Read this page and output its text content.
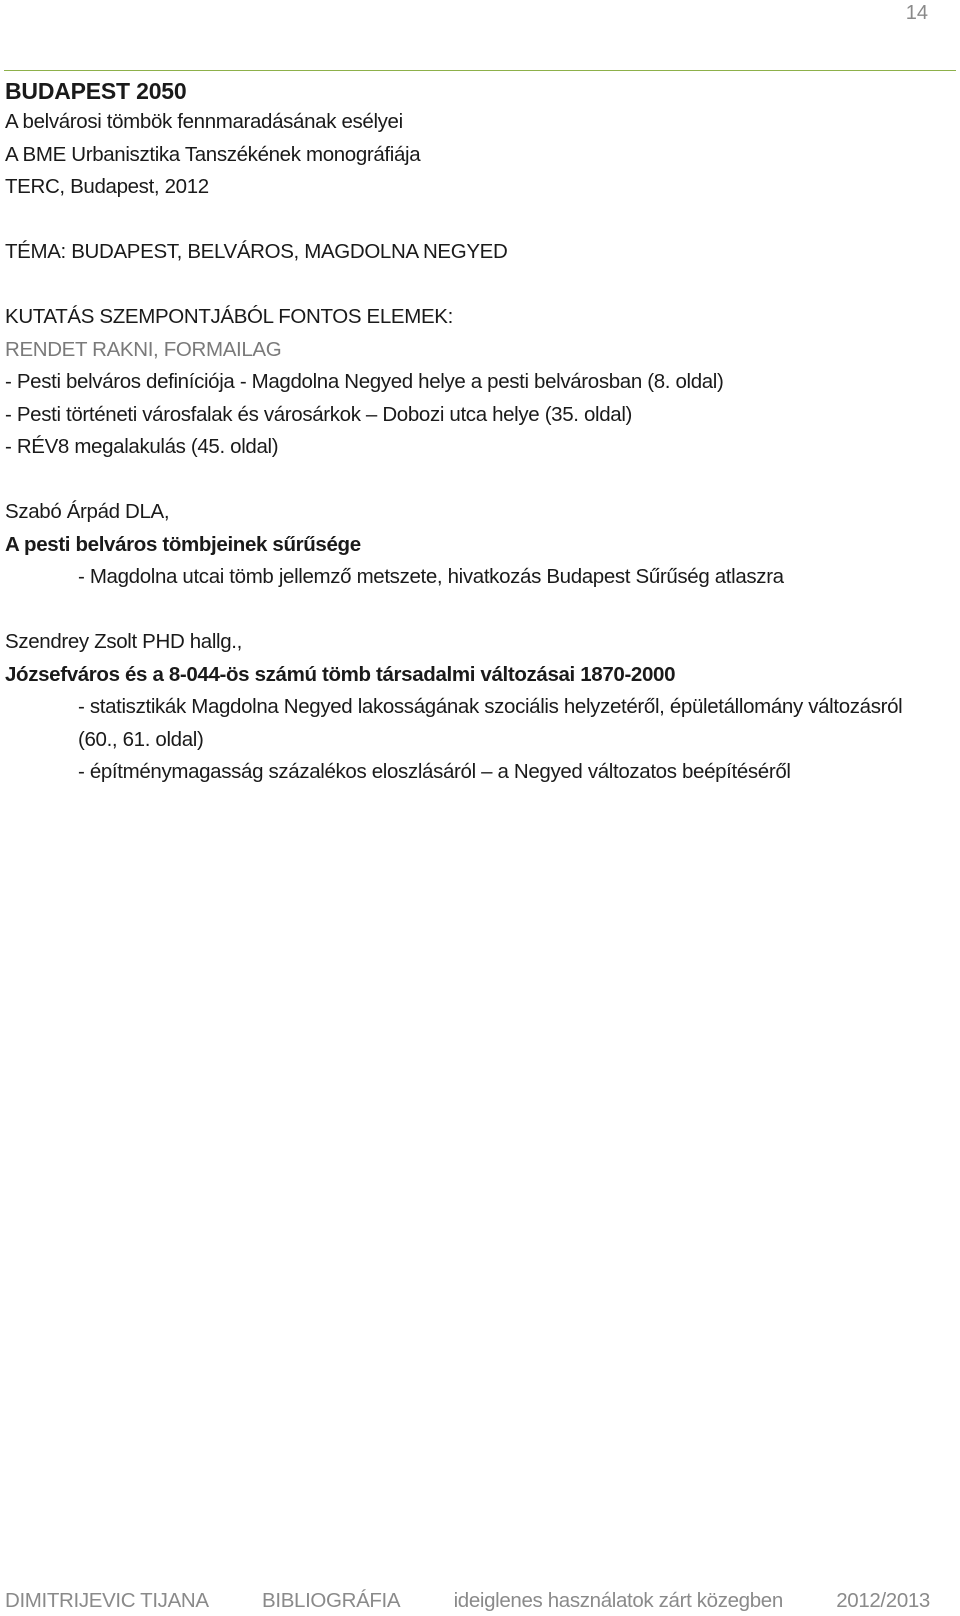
14
BUDAPEST 2050
A belvárosi tömbök fennmaradásának esélyei
A BME Urbanisztika Tanszékének monográfiája
TERC, Budapest, 2012
TÉMA: BUDAPEST, BELVÁROS, MAGDOLNA NEGYED
KUTATÁS SZEMPONTJÁBÓL FONTOS ELEMEK:
RENDET RAKNI, FORMAILAG
- Pesti belváros definíciója - Magdolna Negyed helye a pesti belvárosban (8. oldal)
- Pesti történeti városfalak és városárkok – Dobozi utca helye (35. oldal)
- RÉV8 megalakulás (45. oldal)
Szabó Árpád DLA,
A pesti belváros tömbjeinek sűrűsége
- Magdolna utcai tömb jellemző metszete, hivatkozás Budapest Sűrűség atlaszra
Szendrey Zsolt PHD hallg.,
Józsefváros és a 8-044-ös számú tömb társadalmi változásai 1870-2000
- statisztikák Magdolna Negyed lakosságának szociális helyzetéről, épületállomány változásról
(60., 61. oldal)
- építménymagasság százalékos eloszlásáról – a Negyed változatos beépítéséről
DIMITRIJEVIC TIJANA	BIBLIOGRÁFIA	ideiglenes használatok zárt közegben	2012/2013
